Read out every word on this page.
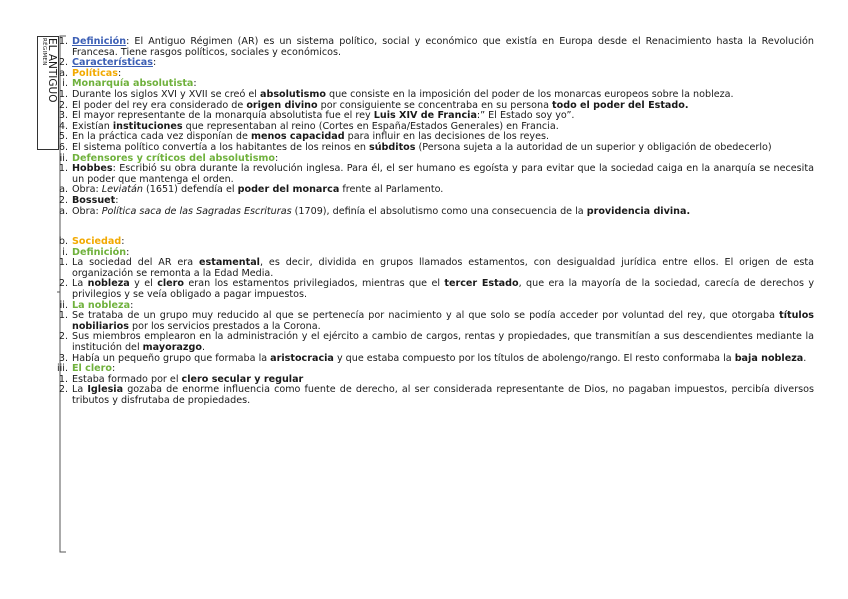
EL ANTIGUO
RÉGIMEN 1. Definición: El Antiguo Régimen (AR) es un sistema político, social y económico que existía en Europa desde el Renacimiento hasta la Revolución Francesa. Tiene rasgos políticos, sociales y económicos.

2. Características:

a. Políticas:

i. Monarquía absolutista:

1. Durante los siglos XVI y XVII se creó el absolutismo que consiste en la imposición del poder de los monarcas europeos sobre la nobleza.

2. El poder del rey era considerado de origen divino por consiguiente se concentraba en su persona todo el poder del Estado.

3. El mayor representante de la monarquía absolutista fue el rey Luis XIV de Francia:” El Estado soy yo”.

4. Existían instituciones que representaban al reino (Cortes en España/Estados Generales) en Francia.

5. En la práctica cada vez disponían de menos capacidad para influir en las decisiones de los reyes.

6. El sistema político convertía a los habitantes de los reinos en súbditos (Persona sujeta a la autoridad de un superior y obligación de obedecerlo)

ii. Defensores y críticos del absolutismo:

1. Hobbes: Escribió su obra durante la revolución inglesa. Para él, el ser humano es egoísta y para evitar que la sociedad caiga en la anarquía se necesita un poder que mantenga el orden.

a. Obra: Leviatán (1651) defendía el poder del monarca frente al Parlamento.

2. Bossuet:

a. Obra: Política saca de las Sagradas Escrituras (1709), definía el absolutismo como una consecuencia de la providencia divina.

b. Sociedad:

i. Definición:

1. La sociedad del AR era estamental, es decir, dividida en grupos llamados estamentos, con desigualdad jurídica entre ellos. El origen de esta organización se remonta a la Edad Media.

2. La nobleza y el clero eran los estamentos privilegiados, mientras que el tercer Estado, que era la mayoría de la sociedad, carecía de derechos y privilegios y se veía obligado a pagar impuestos.

ii. La nobleza:

1. Se trataba de un grupo muy reducido al que se pertenecía por nacimiento y al que solo se podía acceder por voluntad del rey, que otorgaba títulos nobiliarios por los servicios prestados a la Corona.

2. Sus miembros emplearon en la administración y el ejército a cambio de cargos, rentas y propiedades, que transmitían a sus descendientes mediante la institución del mayorazgo.

3. Había un pequeño grupo que formaba la aristocracia y que estaba compuesto por los títulos de abolengo/rango. El resto conformaba la baja nobleza.

iii. El clero:

1. Estaba formado por el clero secular y regular

2. La Iglesia gozaba de enorme influencia como fuente de derecho, al ser considerada representante de Dios, no pagaban impuestos, percibía diversos tributos y disfrutaba de propiedades.
